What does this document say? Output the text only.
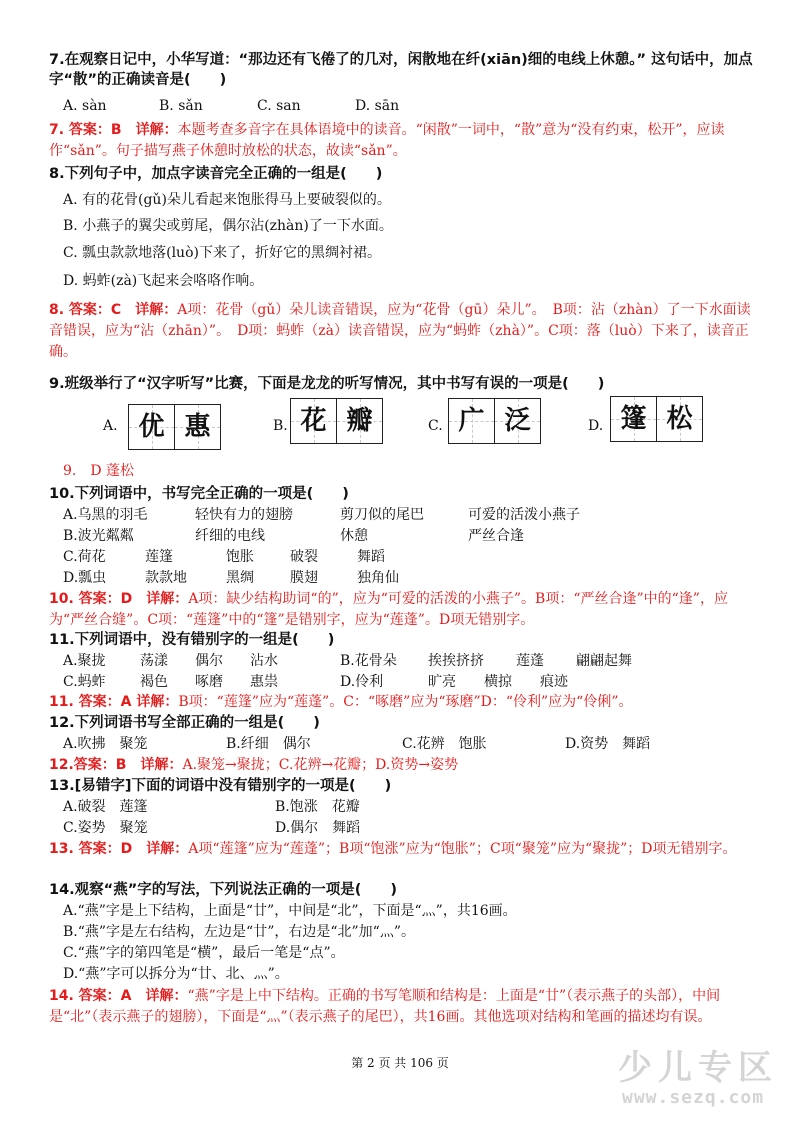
7.在观察日记中，小华写道：“那边还有飞倦了的几对，闲散地在纤(xiān)细的电线上休憩。” 这句话中，加点字“散”的正确读音是(　　)
A. sàn	B. sǎn	C. san	D. sān
7. 答案：B　详解：本题考查多音字在具体语境中的读音。“闲散”一词中，“散”意为“没有约束，松开”，应读作“sǎn”。句子描写燕子休憩时放松的状态，故读“sǎn”。
8.下列句子中，加点字读音完全正确的一组是(　　)
A. 有的花骨(gǔ)朵儿看起来饱胀得马上要破裂似的。
B. 小燕子的翼尖或剪尾，偶尔沾(zhàn)了一下水面。
C. 瓢虫款款地落(luò)下来了，折好它的黑绸衬裙。
D. 蚂蚱(zà)飞起来会咯咯作响。
8. 答案：C　详解：A项：花骨（gǔ）朵儿读音错误，应为“花骨（gū）朵儿”。　B项：沾（zhàn）了一下水面读音错误，应为“沾（zhān）”。　D项：蚂蚱（zà）读音错误，应为“蚂蚱（zhà）”。C项：落（luò）下来了，读音正确。
9.班级举行了“汉字听写”比赛，下面是龙龙的听写情况，其中书写有误的一项是(　　)
A. 优 惠	B. 花 瓣	C. 广 泛	D. 篷 松
9.　D 蓬松
10.下列词语中，书写完全正确的一项是(　　)
A.乌黑的羽毛	轻快有力的翅膀	剪刀似的尾巴	可爱的活泼小燕子
B.波光粼粼	纤细的电线	休憩	严丝合逢
C.荷花	莲篷	饱胀	破裂	舞蹈
D.瓢虫	款款地	黑绸	膜翅	独角仙
10. 答案：D　详解：A项：缺少结构助词“的”，应为“可爱的活泼的小燕子”。B项：“严丝合逢”中的“逢”，应为“严丝合缝”。C项：“莲篷”中的“篷”是错别字，应为“莲蓬”。D项无错别字。
11.下列词语中，没有错别字的一组是(　　)
A.聚拢 荡漾 偶尔 沾水	B.花骨朵 挨挨挤挤 莲蓬 翩翩起舞
C.蚂蚱 褐色 啄磨 惠祟	D.伶利	旷亮 横掠 痕迹
11. 答案：A 详解：B项：“莲篷”应为“莲蓬”。C：“啄磨”应为“琢磨”D：“伶利”应为“伶俐”。
12.下列词语书写全部正确的一组是(　　)
A.吹拂　聚笼	B.纤细　偶尔	C.花辨　饱胀	D.资势　舞蹈
12.答案：B　详解：A.聚笼→聚拢；C.花辨→花瓣；D.资势→姿势
13.[易错字]下面的词语中没有错别字的一项是(　　)
A.破裂　莲篷	B.饱涨　花瓣
C.姿势　聚笼	D.偶尔　舞蹈
13. 答案：D　详解：A项“莲篷”应为“莲蓬”；B项“饱涨”应为“饱胀”；C项“聚笼”应为“聚拢”；D项无错别字。
14.观察“燕”字的写法，下列说法正确的一项是(　　)
A.“燕”字是上下结构，上面是“廿”，中间是“北”，下面是“灬”，共16画。
B.“燕”字是左右结构，左边是“廿”，右边是“北”加“灬”。
C.“燕”字的第四笔是“横”，最后一笔是“点”。
D.“燕”字可以拆分为“廿、北、灬”。
14. 答案：A　详解：“燕”字是上中下结构。正确的书写笔顺和结构是：上面是“廿”（表示燕子的头部），中间是“北”（表示燕子的翅膀），下面是“灬”（表示燕子的尾巴），共16画。其他选项对结构和笔画的描述均有误。
第 2 页 共 106 页	少儿专区
www.sezq.com
